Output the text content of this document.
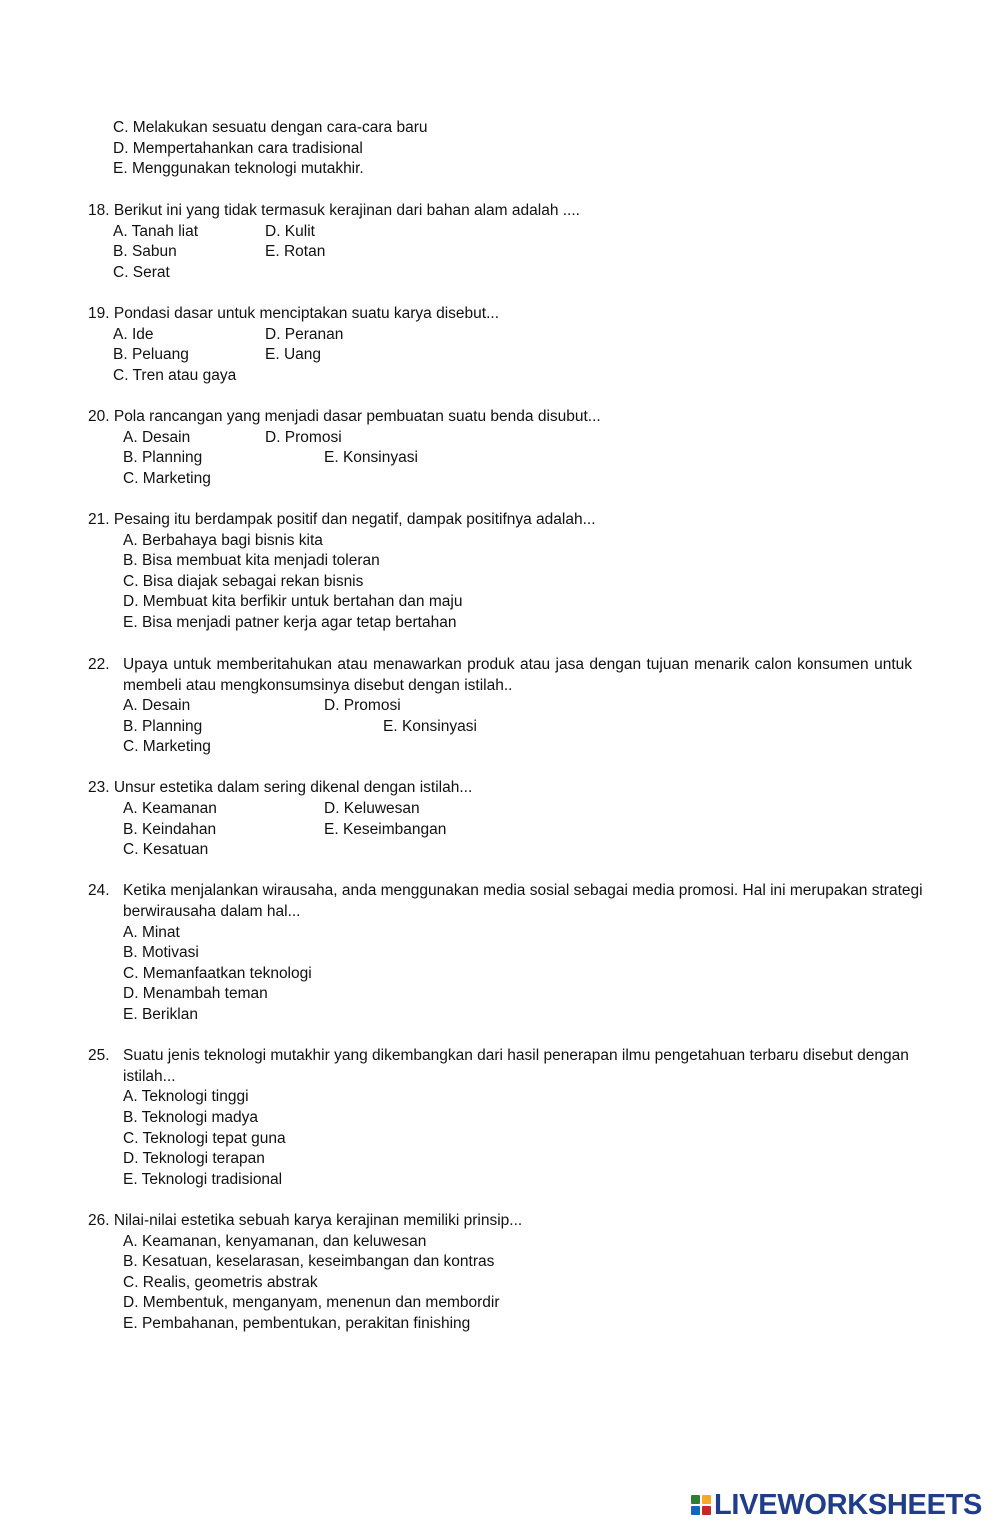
C. Melakukan sesuatu dengan cara-cara baru
D. Mempertahankan cara tradisional
E. Menggunakan teknologi mutakhir.
18. Berikut ini yang tidak termasuk kerajinan dari bahan alam adalah ....
A. Tanah liat	D. Kulit
B. Sabun	E. Rotan
C. Serat
19. Pondasi dasar untuk menciptakan suatu karya disebut...
A. Ide	D. Peranan
B. Peluang	E. Uang
C. Tren atau gaya
20. Pola rancangan yang menjadi dasar pembuatan suatu benda disubut...
A. Desain	D. Promosi
B. Planning	E. Konsinyasi
C. Marketing
21. Pesaing itu berdampak positif dan negatif, dampak positifnya adalah...
A. Berbahaya bagi bisnis kita
B. Bisa membuat kita menjadi toleran
C. Bisa diajak sebagai rekan bisnis
D. Membuat kita berfikir untuk bertahan dan maju
E. Bisa menjadi patner kerja agar tetap bertahan
22. Upaya untuk memberitahukan atau menawarkan produk atau jasa dengan tujuan menarik calon konsumen untuk
membeli atau mengkonsumsinya disebut dengan istilah..
A. Desain	D. Promosi
B. Planning	E. Konsinyasi
C. Marketing
23. Unsur estetika dalam sering dikenal dengan istilah...
A. Keamanan	D. Keluwesan
B. Keindahan	E. Keseimbangan
C. Kesatuan
24. Ketika menjalankan wirausaha, anda menggunakan media sosial sebagai media promosi. Hal ini merupakan strategi
berwirausaha dalam hal...
A. Minat
B. Motivasi
C. Memanfaatkan teknologi
D. Menambah teman
E. Beriklan
25. Suatu jenis teknologi mutakhir yang dikembangkan dari hasil penerapan ilmu pengetahuan terbaru disebut dengan
istilah...
A. Teknologi tinggi
B. Teknologi madya
C. Teknologi tepat guna
D. Teknologi terapan
E. Teknologi tradisional
26. Nilai-nilai estetika sebuah karya kerajinan memiliki prinsip...
A. Keamanan, kenyamanan, dan keluwesan
B. Kesatuan, keselarasan, keseimbangan dan kontras
C. Realis, geometris abstrak
D. Membentuk, menganyam, menenun dan membordir
E. Pembahanan, pembentukan, perakitan finishing
LIVEWORKSHEETS
